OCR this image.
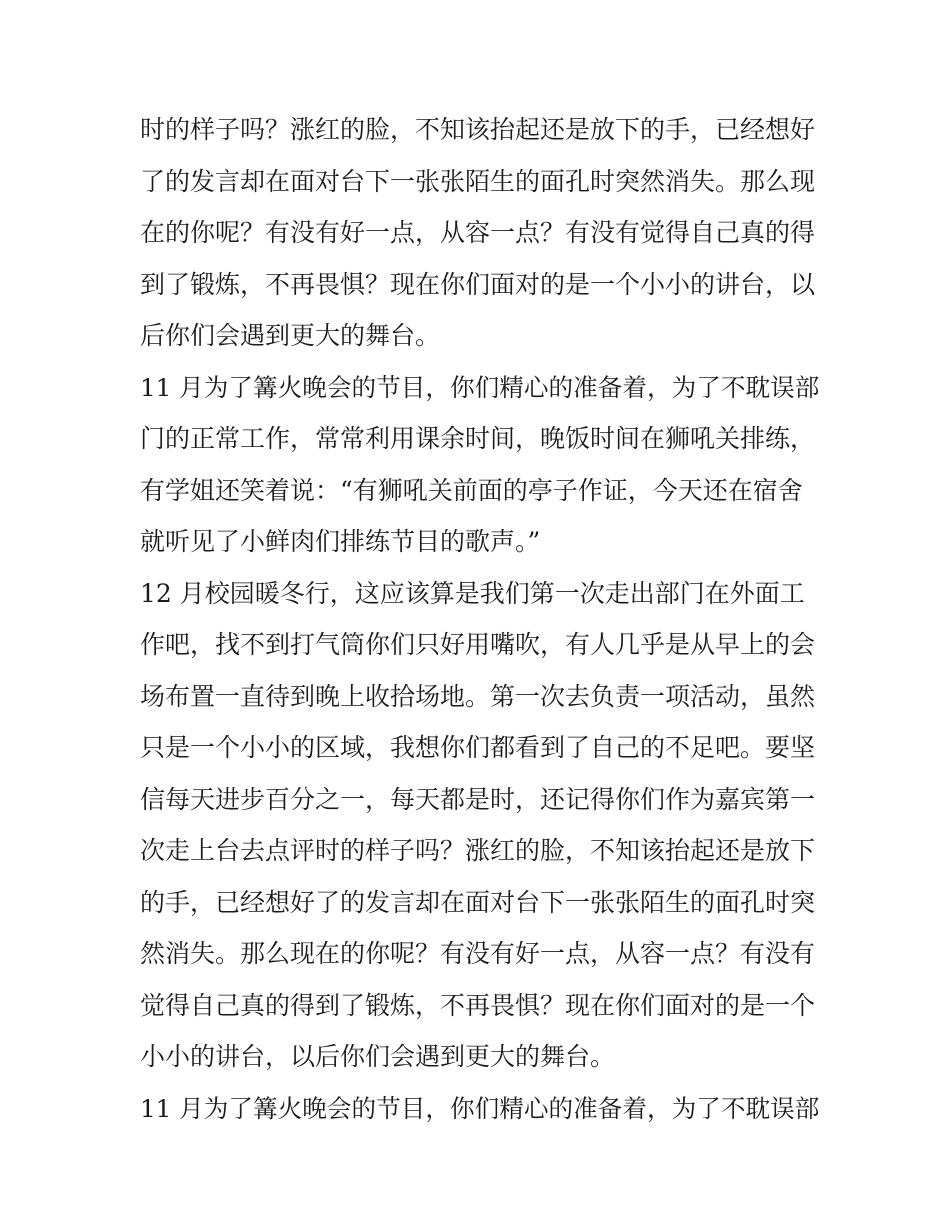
时的样子吗？涨红的脸，不知该抬起还是放下的手，已经想好
了的发言却在面对台下一张张陌生的面孔时突然消失。那么现
在的你呢？有没有好一点，从容一点？有没有觉得自己真的得
到了锻炼，不再畏惧？现在你们面对的是一个小小的讲台，以
后你们会遇到更大的舞台。
11 月为了篝火晚会的节目，你们精心的准备着，为了不耽误部
门的正常工作，常常利用课余时间，晚饭时间在狮吼关排练，
有学姐还笑着说：“有狮吼关前面的亭子作证，今天还在宿舍
就听见了小鲜肉们排练节目的歌声。”
12 月校园暖冬行，这应该算是我们第一次走出部门在外面工
作吧，找不到打气筒你们只好用嘴吹，有人几乎是从早上的会
场布置一直待到晚上收拾场地。第一次去负责一项活动，虽然
只是一个小小的区域，我想你们都看到了自己的不足吧。要坚
信每天进步百分之一，每天都是时，还记得你们作为嘉宾第一
次走上台去点评时的样子吗？涨红的脸，不知该抬起还是放下
的手，已经想好了的发言却在面对台下一张张陌生的面孔时突
然消失。那么现在的你呢？有没有好一点，从容一点？有没有
觉得自己真的得到了锻炼，不再畏惧？现在你们面对的是一个
小小的讲台，以后你们会遇到更大的舞台。
11 月为了篝火晚会的节目，你们精心的准备着，为了不耽误部
